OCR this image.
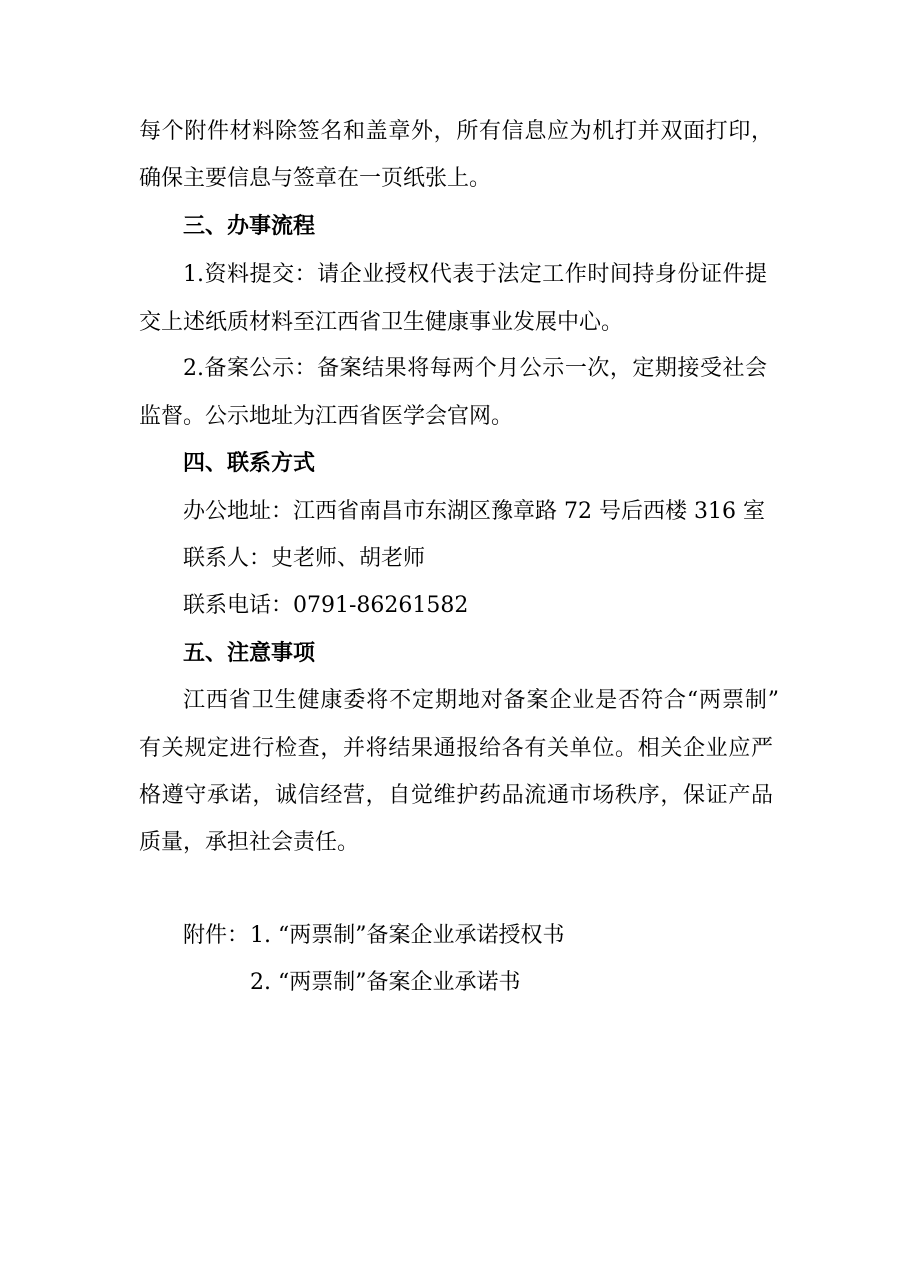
每个附件材料除签名和盖章外，所有信息应为机打并双面打印，
确保主要信息与签章在一页纸张上。
三、办事流程
1.资料提交：请企业授权代表于法定工作时间持身份证件提
交上述纸质材料至江西省卫生健康事业发展中心。
2.备案公示：备案结果将每两个月公示一次，定期接受社会
监督。公示地址为江西省医学会官网。
四、联系方式
办公地址：江西省南昌市东湖区豫章路 72 号后西楼 316 室
联系人：史老师、胡老师
联系电话：0791-86261582
五、注意事项
江西省卫生健康委将不定期地对备案企业是否符合“两票制”
有关规定进行检查，并将结果通报给各有关单位。相关企业应严
格遵守承诺，诚信经营，自觉维护药品流通市场秩序，保证产品
质量，承担社会责任。
附件： 1. “两票制”备案企业承诺授权书
2. “两票制”备案企业承诺书
